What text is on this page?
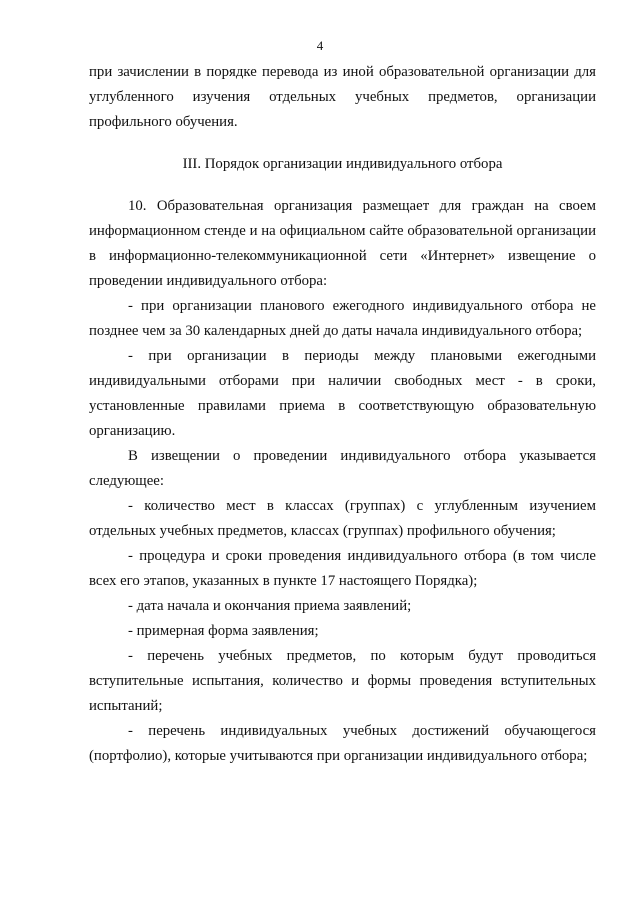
4

при зачислении в порядке перевода из иной образовательной организации для углубленного изучения отдельных учебных предметов, организации профильного обучения.

III. Порядок организации индивидуального отбора

10. Образовательная организация размещает для граждан на своем информационном стенде и на официальном сайте образовательной организации в информационно-телекоммуникационной сети «Интернет» извещение о проведении индивидуального отбора:

- при организации планового ежегодного индивидуального отбора не позднее чем за 30 календарных дней до даты начала индивидуального отбора;

- при организации в периоды между плановыми ежегодными индивидуальными отборами при наличии свободных мест - в сроки, установленные правилами приема в соответствующую образовательную организацию.

В извещении о проведении индивидуального отбора указывается следующее:

- количество мест в классах (группах) с углубленным изучением отдельных учебных предметов, классах (группах) профильного обучения;

- процедура и сроки проведения индивидуального отбора (в том числе всех его этапов, указанных в пункте 17 настоящего Порядка);

- дата начала и окончания приема заявлений;

- примерная форма заявления;

- перечень учебных предметов, по которым будут проводиться вступительные испытания, количество и формы проведения вступительных испытаний;

- перечень индивидуальных учебных достижений обучающегося (портфолио), которые учитываются при организации индивидуального отбора;
